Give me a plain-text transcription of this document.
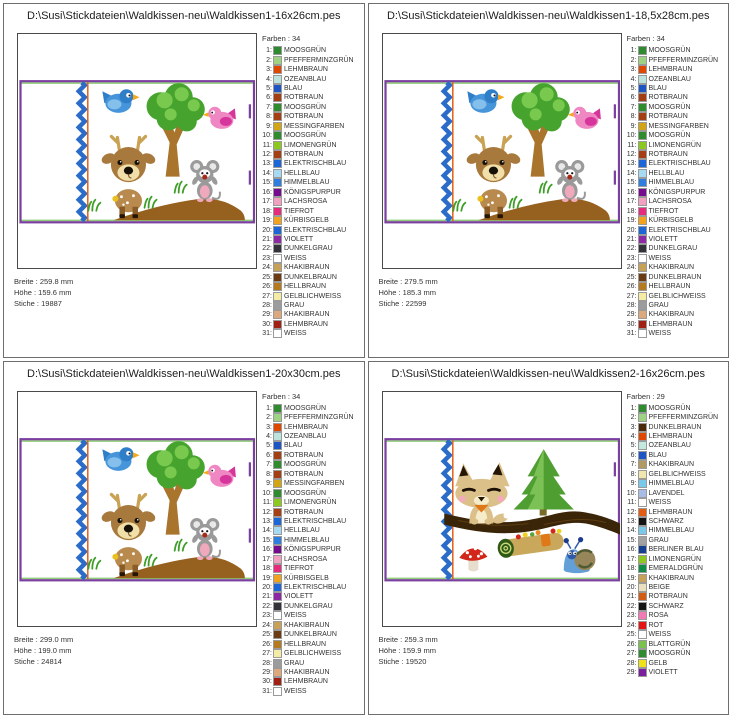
D:\Susi\Stickdateien\Waldkissen-neu\Waldkissen1-16x26cm.pes
Farben : 34
1: MOOSGRÜN
2: PFEFFERMINZGRÜN
3: LEHMBRAUN
4: OZEANBLAU
5: BLAU
6: ROTBRAUN
7: MOOSGRÜN
8: ROTBRAUN
9: MESSINGFARBEN
10: MOOSGRÜN
11: LIMONENGRÜN
12: ROTBRAUN
13: ELEKTRISCHBLAU
14: HELLBLAU
15: HIMMELBLAU
16: KÖNIGSPURPUR
17: LACHSROSA
18: TIEFROT
19: KÜRBISGELB
20: ELEKTRISCHBLAU
21: VIOLETT
22: DUNKELGRAU
23: WEISS
24: KHAKIBRAUN
25: DUNKELBRAUN
26: HELLBRAUN
27: GELBLICHWEISS
28: GRAU
29: KHAKIBRAUN
30: LEHMBRAUN
31: WEISS
Breite : 259.8 mm
Höhe : 159.6 mm
Stiche : 19887
D:\Susi\Stickdateien\Waldkissen-neu\Waldkissen1-18,5x28cm.pes
Farben : 34
1: MOOSGRÜN
2: PFEFFERMINZGRÜN
3: LEHMBRAUN
4: OZEANBLAU
5: BLAU
6: ROTBRAUN
7: MOOSGRÜN
8: ROTBRAUN
9: MESSINGFARBEN
10: MOOSGRÜN
11: LIMONENGRÜN
12: ROTBRAUN
13: ELEKTRISCHBLAU
14: HELLBLAU
15: HIMMELBLAU
16: KÖNIGSPURPUR
17: LACHSROSA
18: TIEFROT
19: KÜRBISGELB
20: ELEKTRISCHBLAU
21: VIOLETT
22: DUNKELGRAU
23: WEISS
24: KHAKIBRAUN
25: DUNKELBRAUN
26: HELLBRAUN
27: GELBLICHWEISS
28: GRAU
29: KHAKIBRAUN
30: LEHMBRAUN
31: WEISS
Breite : 279.5 mm
Höhe : 185.3 mm
Stiche : 22599
D:\Susi\Stickdateien\Waldkissen-neu\Waldkissen1-20x30cm.pes
Farben : 34
1: MOOSGRÜN
2: PFEFFERMINZGRÜN
3: LEHMBRAUN
4: OZEANBLAU
5: BLAU
6: ROTBRAUN
7: MOOSGRÜN
8: ROTBRAUN
9: MESSINGFARBEN
10: MOOSGRÜN
11: LIMONENGRÜN
12: ROTBRAUN
13: ELEKTRISCHBLAU
14: HELLBLAU
15: HIMMELBLAU
16: KÖNIGSPURPUR
17: LACHSROSA
18: TIEFROT
19: KÜRBISGELB
20: ELEKTRISCHBLAU
21: VIOLETT
22: DUNKELGRAU
23: WEISS
24: KHAKIBRAUN
25: DUNKELBRAUN
26: HELLBRAUN
27: GELBLICHWEISS
28: GRAU
29: KHAKIBRAUN
30: LEHMBRAUN
31: WEISS
Breite : 299.0 mm
Höhe : 199.0 mm
Stiche : 24814
D:\Susi\Stickdateien\Waldkissen-neu\Waldkissen2-16x26cm.pes
Farben : 29
1: MOOSGRÜN
2: PFEFFERMINZGRÜN
3: DUNKELBRAUN
4: LEHMBRAUN
5: OZEANBLAU
6: BLAU
7: KHAKIBRAUN
8: GELBLICHWEISS
9: HIMMELBLAU
10: LAVENDEL
11: WEISS
12: LEHMBRAUN
13: SCHWARZ
14: HIMMELBLAU
15: GRAU
16: BERLINER BLAU
17: LIMONENGRÜN
18: EMERALDGRÜN
19: KHAKIBRAUN
20: BEIGE
21: ROTBRAUN
22: SCHWARZ
23: ROSA
24: ROT
25: WEISS
26: BLATTGRÜN
27: MOOSGRÜN
28: GELB
29: VIOLETT
Breite : 259.3 mm
Höhe : 159.9 mm
Stiche : 19520
